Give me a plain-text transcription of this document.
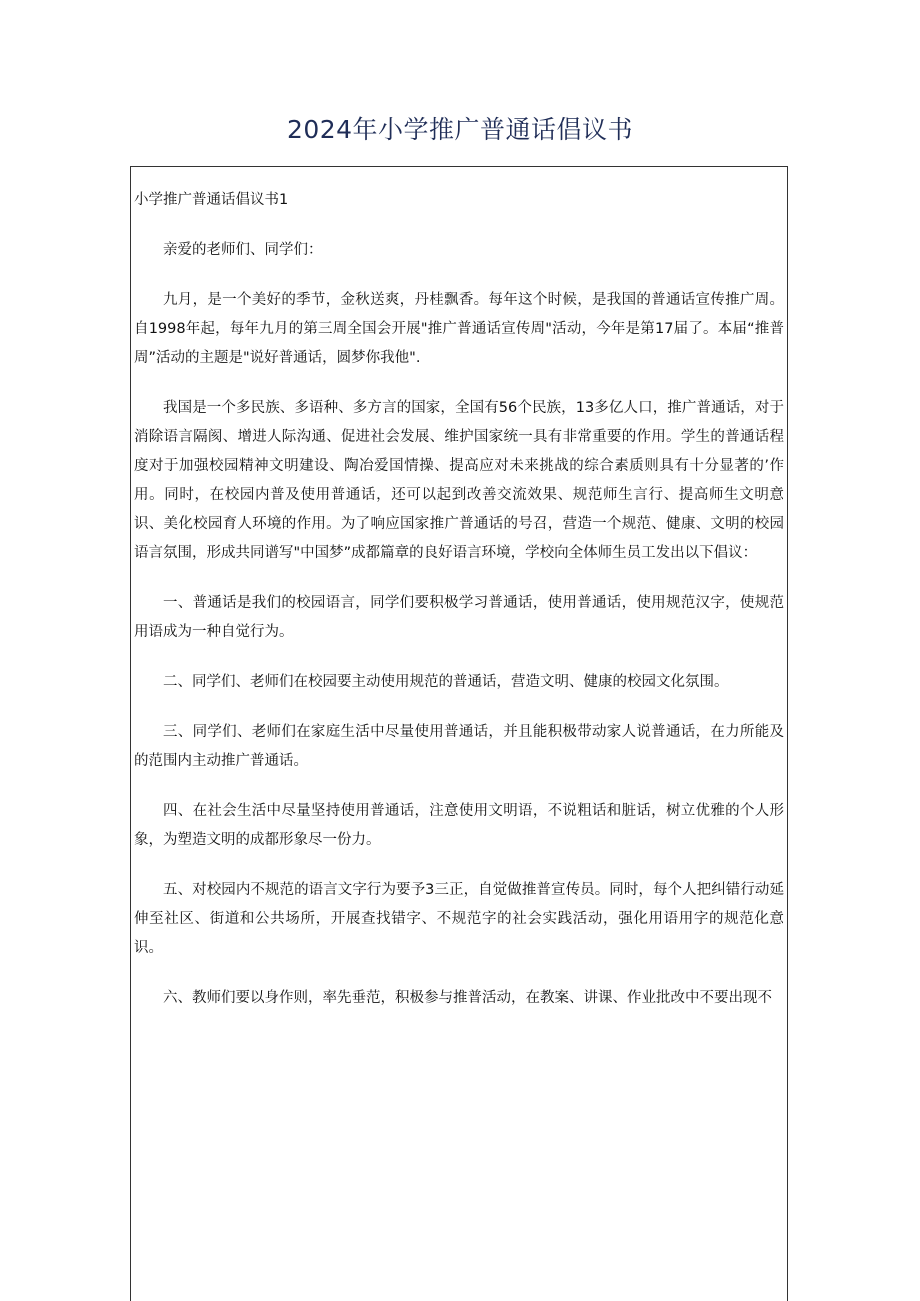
2024年小学推广普通话倡议书

小学推广普通话倡议书1

亲爱的老师们、同学们：

九月，是一个美好的季节，金秋送爽，丹桂飘香。每年这个时候，是我国的普通话宣传推广周。自1998年起，每年九月的第三周全国会开展"推广普通话宣传周"活动，今年是第17届了。本届“推普周”活动的主题是"说好普通话，圆梦你我他".

我国是一个多民族、多语种、多方言的国家，全国有56个民族，13多亿人口，推广普通话，对于消除语言隔阂、增进人际沟通、促进社会发展、维护国家统一具有非常重要的作用。学生的普通话程度对于加强校园精神文明建设、陶冶爱国情操、提高应对未来挑战的综合素质则具有十分显著的’作用。同时，在校园内普及使用普通话，还可以起到改善交流效果、规范师生言行、提高师生文明意识、美化校园育人环境的作用。为了响应国家推广普通话的号召，营造一个规范、健康、文明的校园语言氛围，形成共同谱写"中国梦”成都篇章的良好语言环境，学校向全体师生员工发出以下倡议：

一、普通话是我们的校园语言，同学们要积极学习普通话，使用普通话，使用规范汉字，使规范用语成为一种自觉行为。

二、同学们、老师们在校园要主动使用规范的普通话，营造文明、健康的校园文化氛围。

三、同学们、老师们在家庭生活中尽量使用普通话，并且能积极带动家人说普通话，在力所能及的范围内主动推广普通话。

四、在社会生活中尽量坚持使用普通话，注意使用文明语，不说粗话和脏话，树立优雅的个人形象，为塑造文明的成都形象尽一份力。

五、对校园内不规范的语言文字行为要予3三正，自觉做推普宣传员。同时，每个人把纠错行动延伸至社区、街道和公共场所，开展查找错字、不规范字的社会实践活动，强化用语用字的规范化意识。

六、教师们要以身作则，率先垂范，积极参与推普活动，在教案、讲课、作业批改中不要出现不
